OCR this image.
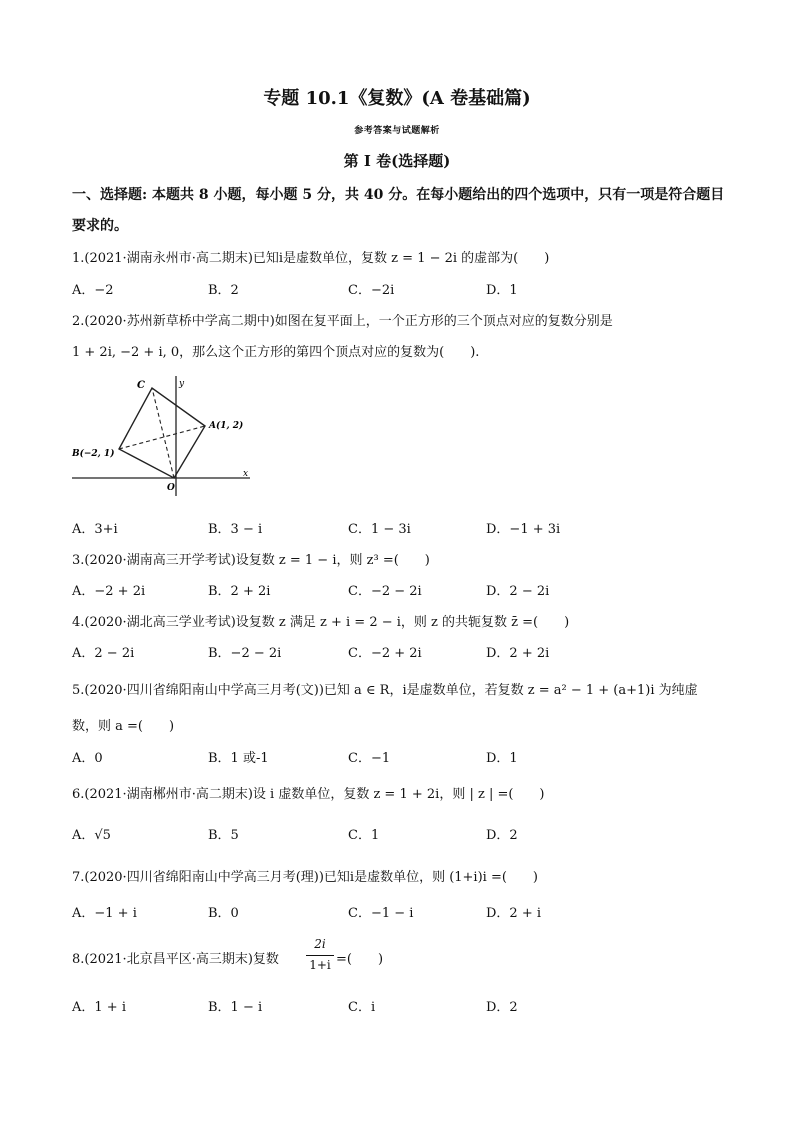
专题 10.1《复数》(A 卷基础篇)
参考答案与试题解析
第 I 卷(选择题)
一、选择题: 本题共 8 小题，每小题 5 分，共 40 分。在每小题给出的四个选项中，只有一项是符合题目要求的。
1.(2021·湖南永州市·高二期末)已知i是虚数单位，复数 z = 1 − 2i 的虚部为(　　)
A．−2	B．2	C．−2i	D．1
2.(2020·苏州新草桥中学高二期中)如图在复平面上，一个正方形的三个顶点对应的复数分别是
1 + 2i, −2 + i, 0，那么这个正方形的第四个顶点对应的复数为(　　).
C	y
A(1, 2)
B(−2, 1)
O
x
A．3+i	B．3 − i	C．1 − 3i	D．−1 + 3i
3.(2020·湖南高三开学考试)设复数 z = 1 − i，则 z³ =(　　)
A．−2 + 2i	B．2 + 2i	C．−2 − 2i	D．2 − 2i
4.(2020·湖北高三学业考试)设复数 z 满足 z + i = 2 − i，则 z 的共轭复数 z̄ =(　　)
A．2 − 2i	B．−2 − 2i	C．−2 + 2i	D．2 + 2i
5.(2020·四川省绵阳南山中学高三月考(文))已知 a ∈ R，i是虚数单位，若复数 z = a² − 1 + (a+1)i 为纯虚
数，则 a =(　　)
A．0	B．1 或-1	C．−1	D．1
6.(2021·湖南郴州市·高二期末)设 i 虚数单位，复数 z = 1 + 2i，则 | z | =(　　)
A．√5	B．5	C．1	D．2
7.(2020·四川省绵阳南山中学高三月考(理))已知i是虚数单位，则 (1+i)i =(　　)
A．−1 + i	B．0	C．−1 − i	D．2 + i
8.(2021·北京昌平区·高三期末)复数
2i
1+i =(　　)
A．1 + i	B．1 − i	C．i	D．2
